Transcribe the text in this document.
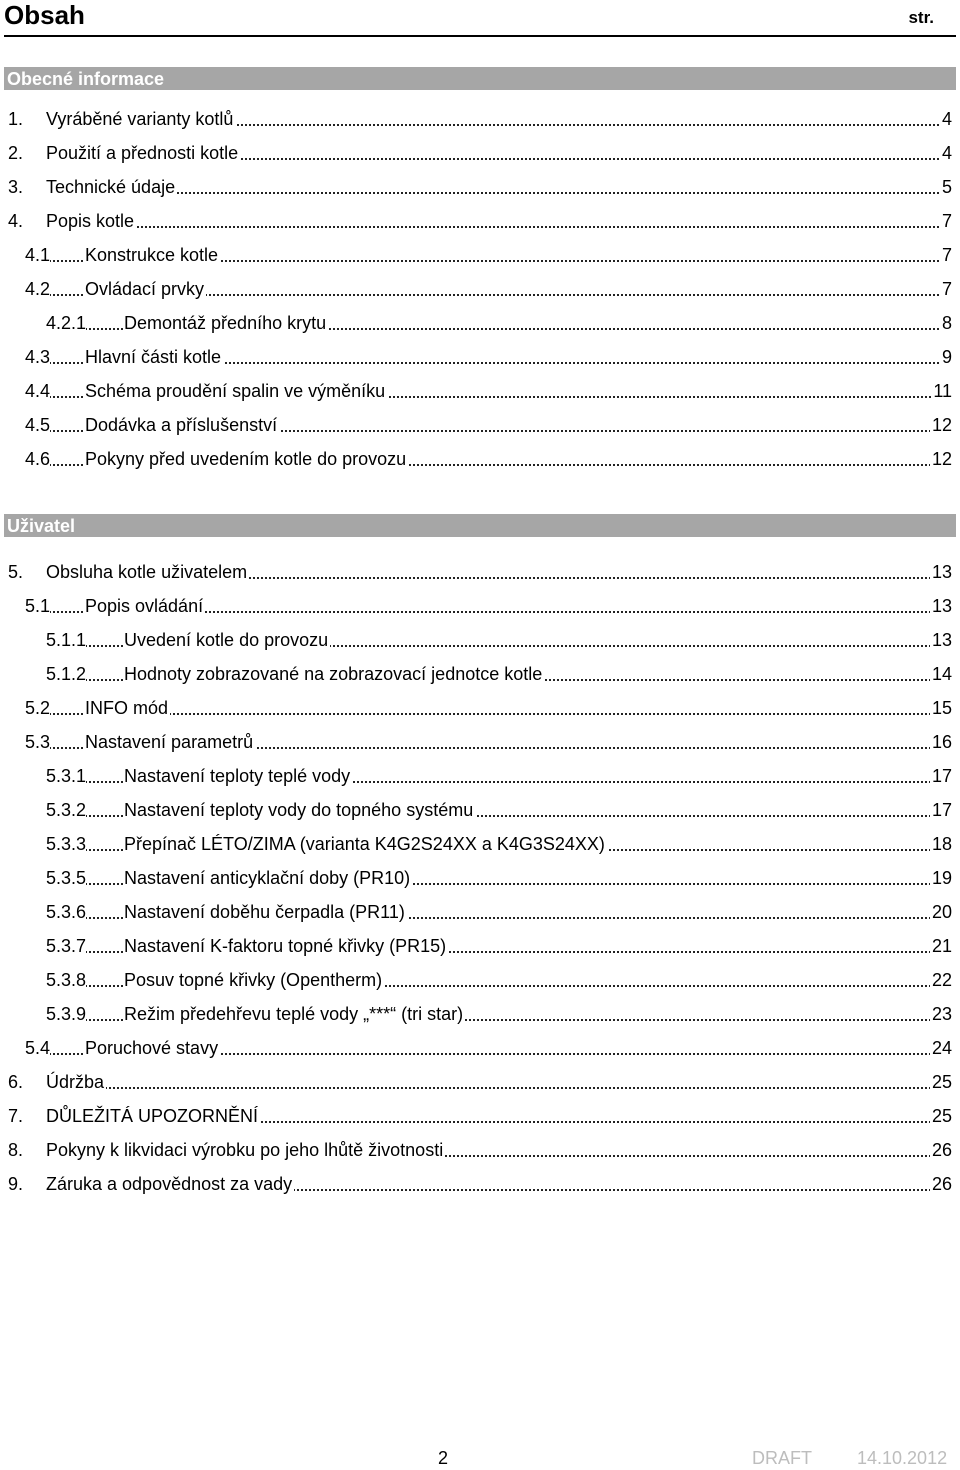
Obsah	str.
Obecné informace
1. Vyráběné varianty kotlů	4
2. Použití a přednosti kotle	4
3. Technické údaje	5
4. Popis kotle	7
4.1 Konstrukce kotle	7
4.2 Ovládací prvky	7
4.2.1 Demontáž předního krytu	8
4.3 Hlavní části kotle	9
4.4 Schéma proudění spalin ve výměníku	11
4.5 Dodávka a příslušenství	12
4.6 Pokyny před uvedením kotle do provozu	12
Uživatel
5. Obsluha kotle uživatelem	13
5.1 Popis ovládání	13
5.1.1 Uvedení kotle do provozu	13
5.1.2 Hodnoty zobrazované na zobrazovací jednotce kotle	14
5.2 INFO mód	15
5.3 Nastavení parametrů	16
5.3.1 Nastavení teploty teplé vody	17
5.3.2 Nastavení teploty vody do topného systému	17
5.3.3 Přepínač LÉTO/ZIMA (varianta K4G2S24XX a K4G3S24XX)	18
5.3.5 Nastavení anticyklační doby (PR10)	19
5.3.6 Nastavení doběhu čerpadla (PR11)	20
5.3.7 Nastavení K-faktoru topné křivky (PR15)	21
5.3.8 Posuv topné křivky (Opentherm)	22
5.3.9 Režim předehřevu teplé vody „***“ (tri star)	23
5.4 Poruchové stavy	24
6. Údržba	25
7. DŮLEŽITÁ UPOZORNĚNÍ	25
8. Pokyny k likvidaci výrobku po jeho lhůtě životnosti	26
9. Záruka a odpovědnost za vady	26
2	DRAFT	14.10.2012
